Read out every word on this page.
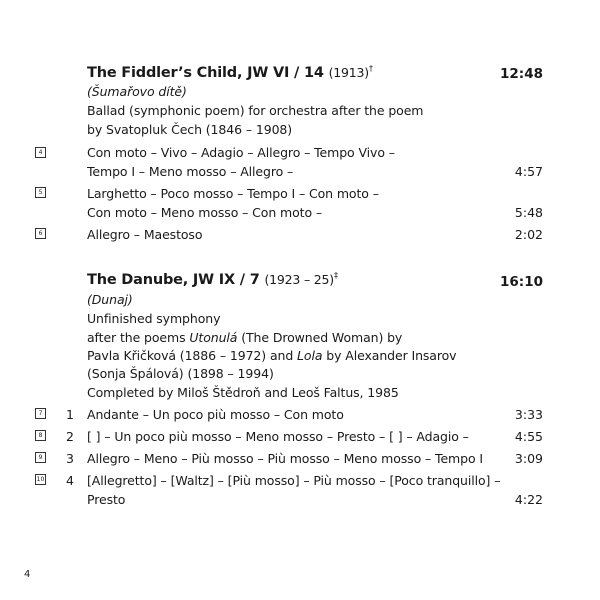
The Fiddler’s Child, JW VI / 14 (1913)†	12:48
(Šumařovo dítě)
Ballad (symphonic poem) for orchestra after the poem
by Svatopluk Čech (1846 – 1908)
4	Con moto – Vivo – Adagio – Allegro – Tempo Vivo –
Tempo I – Meno mosso – Allegro –	4:57
5	Larghetto – Poco mosso – Tempo I – Con moto –
Con moto – Meno mosso – Con moto –	5:48
6	Allegro – Maestoso	2:02
The Danube, JW IX / 7 (1923 – 25)‡	16:10
(Dunaj)
Unfinished symphony
after the poems Utonulá (The Drowned Woman) by
Pavla Křičková (1886 – 1972) and Lola by Alexander Insarov
(Sonja Špálová) (1898 – 1994)
Completed by Miloš Štědroň and Leoš Faltus, 1985
7 1 Andante – Un poco più mosso – Con moto	3:33
8 2 [ ] – Un poco più mosso – Meno mosso – Presto – [ ] – Adagio –	4:55
9 3 Allegro – Meno – Più mosso – Più mosso – Meno mosso – Tempo I	3:09
10 4 [Allegretto] – [Waltz] – [Più mosso] – Più mosso – [Poco tranquillo] –
Presto	4:22
4
